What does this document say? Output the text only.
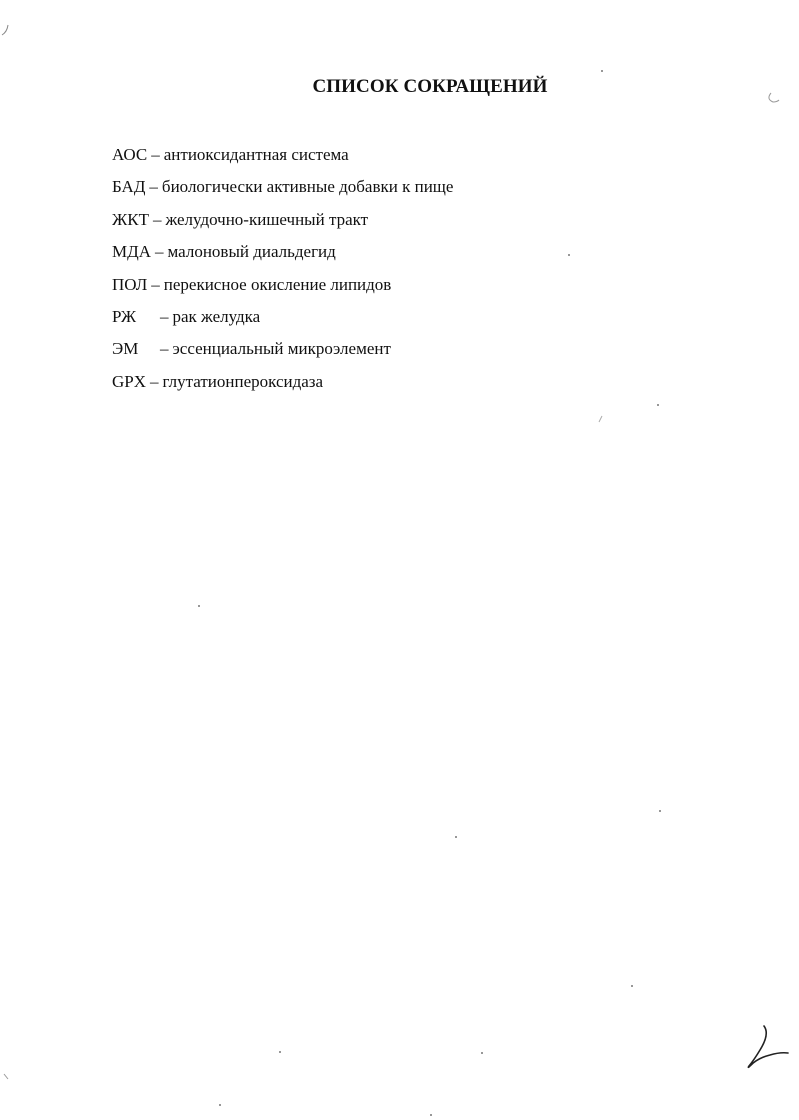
СПИСОК СОКРАЩЕНИЙ
АОС – антиоксидантная система
БАД – биологически активные добавки к пище
ЖКТ – желудочно-кишечный тракт
МДА – малоновый диальдегид
ПОЛ – перекисное окисление липидов
РЖ	– рак желудка
ЭМ	– эссенциальный микроэлемент
GPX – глутатионпероксидаза
